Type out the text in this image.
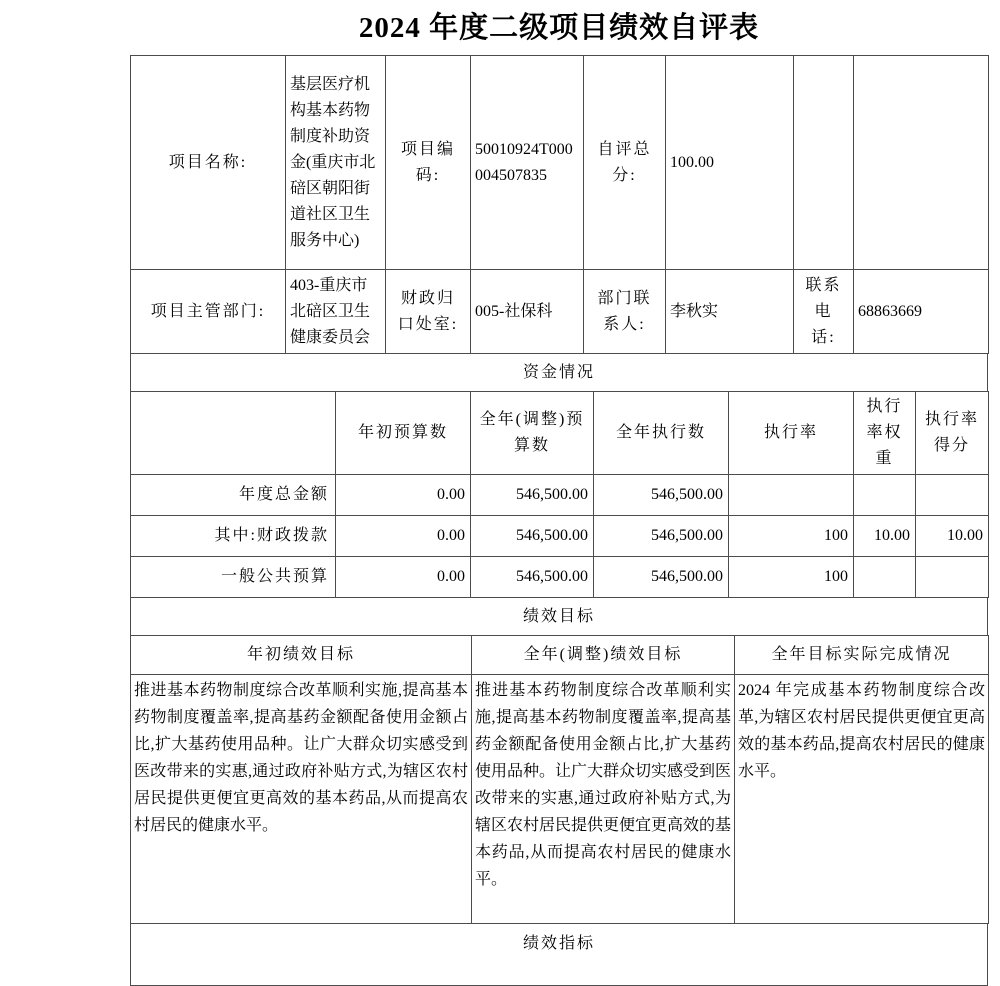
2024 年度二级项目绩效自评表
项目名称:	基层医疗机构基本药物制度补助资金(重庆市北碚区朝阳街道社区卫生服务中心)	项目编码:	50010924T000004507835	自评总分:	100.00		
项目主管部门:	403-重庆市北碚区卫生健康委员会	财政归口处室:	005-社保科	部门联系人:	李秋实	联系电话:	68863669
资金情况
	年初预算数	全年(调整)预算数	全年执行数	执行率	执行率权重	执行率得分
年度总金额	0.00	546,500.00	546,500.00			
其中:财政拨款	0.00	546,500.00	546,500.00	100	10.00	10.00
一般公共预算	0.00	546,500.00	546,500.00	100		
绩效目标
年初绩效目标	全年(调整)绩效目标	全年目标实际完成情况
推进基本药物制度综合改革顺利实施,提高基本药物制度覆盖率,提高基药金额配备使用金额占比,扩大基药使用品种。让广大群众切实感受到医改带来的实惠,通过政府补贴方式,为辖区农村居民提供更便宜更高效的基本药品,从而提高农村居民的健康水平。	推进基本药物制度综合改革顺利实施,提高基本药物制度覆盖率,提高基药金额配备使用金额占比,扩大基药使用品种。让广大群众切实感受到医改带来的实惠,通过政府补贴方式,为辖区农村居民提供更便宜更高效的基本药品,从而提高农村居民的健康水平。	2024 年完成基本药物制度综合改革,为辖区农村居民提供更便宜更高效的基本药品,提高农村居民的健康水平。
绩效指标
